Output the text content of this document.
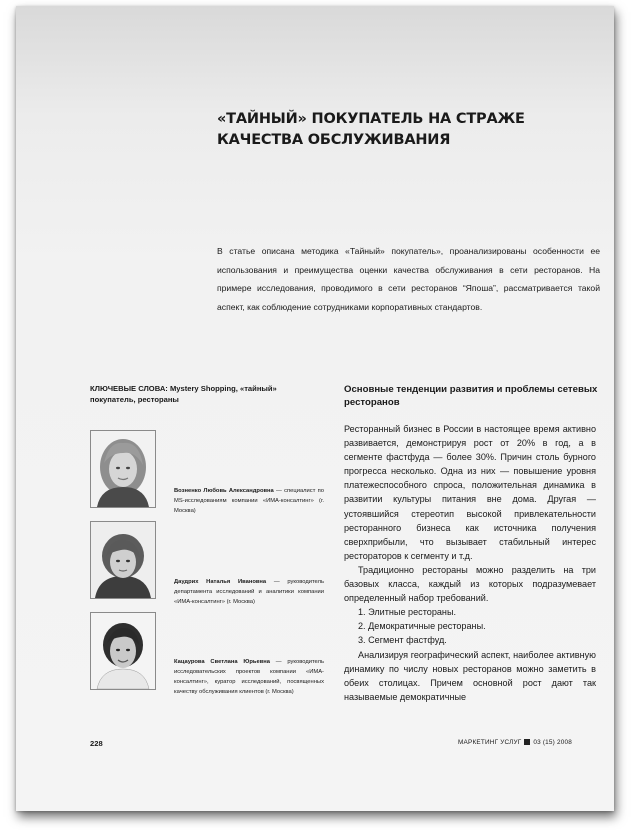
«ТАЙНЫЙ» ПОКУПАТЕЛЬ НА СТРАЖЕ КАЧЕСТВА ОБСЛУЖИВАНИЯ

В статье описана методика «Тайный» покупатель», проанализированы особенности ее использования и преимущества оценки качества обслуживания в сети ресторанов. На примере исследования, проводимого в сети ресторанов “Япоша”, рассматривается такой аспект, как соблюдение сотрудниками корпоративных стандартов.

КЛЮЧЕВЫЕ СЛОВА: Mystery Shopping, «тайный» покупатель, рестораны

Возненко Любовь Александровна — специалист по MS-исследованиям компании «ИМА-консалтинг» (г. Москва)

Даудрих Наталья Ивановна — руководитель департамента исследований и аналитики компании «ИМА-консалтинг» (г. Москва)

Кацаурова Светлана Юрьевна — руководитель исследовательских проектов компании «ИМА-консалтинг», куратор исследований, посвященных качеству обслуживания клиентов (г. Москва)

Основные тенденции развития и проблемы сетевых ресторанов

Ресторанный бизнес в России в настоящее время активно развивается, демонстрируя рост от 20% в год, а в сегменте фастфуда — более 30%. Причин столь бурного прогресса несколько. Одна из них — повышение уровня платежеспособного спроса, положительная динамика в развитии культуры питания вне дома. Другая — устоявшийся стереотип высокой привлекательности ресторанного бизнеса как источника получения сверхприбыли, что вызывает стабильный интерес рестораторов к сегменту и т.д.

Традиционно рестораны можно разделить на три базовых класса, каждый из которых подразумевает определенный набор требований.

1. Элитные рестораны.

2. Демократичные рестораны.

3. Сегмент фастфуд.

Анализируя географический аспект, наиболее активную динамику по числу новых ресторанов можно заметить в обеих столицах. Причем основной рост дают так называемые демократичные

228	МАРКЕТИНГ УСЛУГ 03 (15) 2008
